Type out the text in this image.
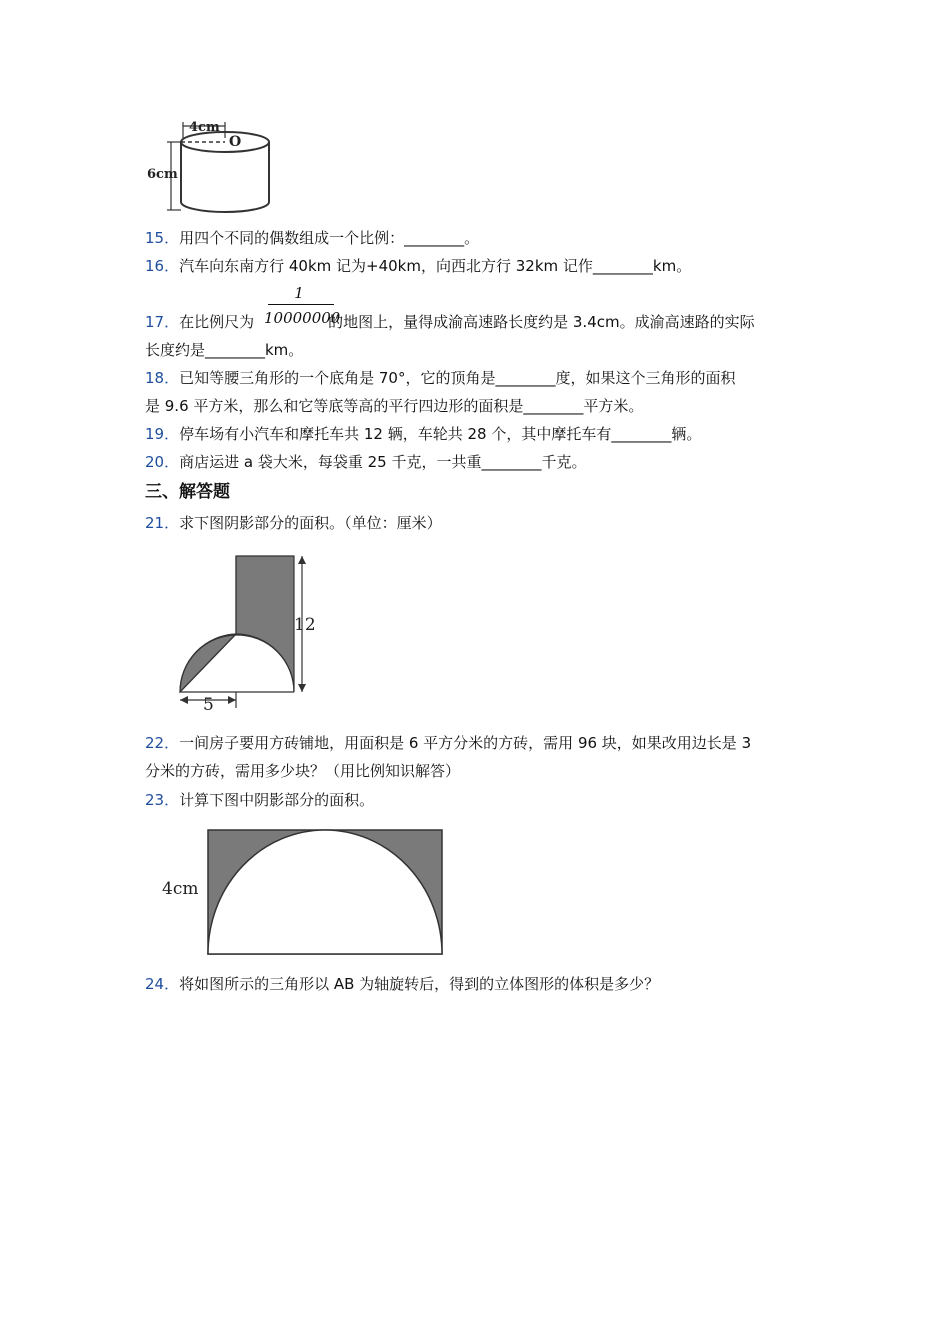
4cm
O
6cm
15．用四个不同的偶数组成一个比例：________。
16．汽车向东南方行 40km 记为+40km，向西北方行 32km 记作________km。
1
10000000
17．在比例尺为	的地图上，量得成渝高速路长度约是 3.4cm。成渝高速路的实际
长度约是________km。
18．已知等腰三角形的一个底角是 70°，它的顶角是________度，如果这个三角形的面积
是 9.6 平方米，那么和它等底等高的平行四边形的面积是________平方米。
19．停车场有小汽车和摩托车共 12 辆，车轮共 28 个，其中摩托车有________辆。
20．商店运进 a 袋大米，每袋重 25 千克，一共重________千克。
三、解答题
21．求下图阴影部分的面积。（单位：厘米）
12
5
22．一间房子要用方砖铺地，用面积是 6 平方分米的方砖，需用 96 块，如果改用边长是 3
分米的方砖，需用多少块？（用比例知识解答）
23．计算下图中阴影部分的面积。
4cm
24．将如图所示的三角形以 AB 为轴旋转后，得到的立体图形的体积是多少？
